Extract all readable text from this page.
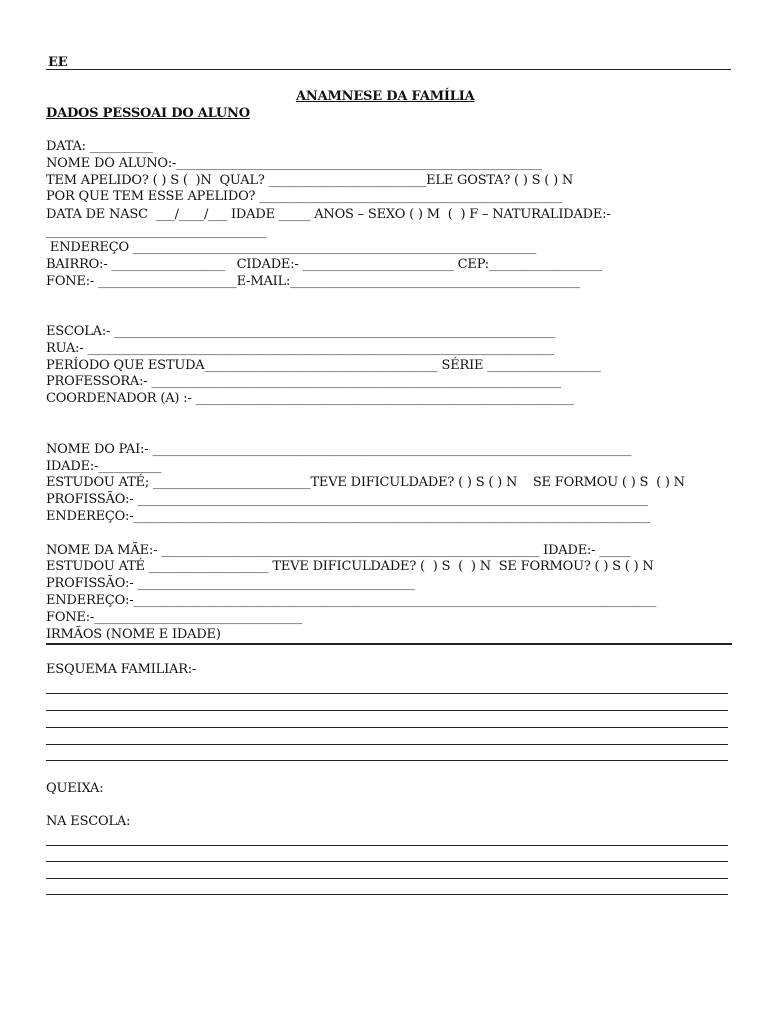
EE
ANAMNESE DA FAMÍLIA
DADOS PESSOAI DO ALUNO
DATA: __________
NOME DO ALUNO:-__________________________________________________________
TEM APELIDO? ( ) S (  )N  QUAL? _________________________ELE GOSTA? ( ) S ( ) N
POR QUE TEM ESSE APELIDO? ________________________________________________
DATA DE NASC  ___/____/___ IDADE _____ ANOS – SEXO ( ) M  (  ) F – NATURALIDADE:-
___________________________________
ENDEREÇO ________________________________________________________________
BAIRRO:- __________________   CIDADE:- ________________________ CEP:__________________
FONE:- ______________________E-MAIL:______________________________________________
ESCOLA:- ______________________________________________________________________
RUA:- __________________________________________________________________________
PERÍODO QUE ESTUDA_____________________________________ SÉRIE __________________
PROFESSORA:- _________________________________________________________________
COORDENADOR (A) :- ____________________________________________________________
NOME DO PAI:- ____________________________________________________________________________
IDADE:-__________
ESTUDOU ATÉ; _________________________TEVE DIFICULDADE? ( ) S ( ) N    SE FORMOU ( ) S  ( ) N
PROFISSÃO:- _________________________________________________________________________________
ENDEREÇO:-__________________________________________________________________________________
NOME DA MÃE:- ____________________________________________________________ IDADE:- _____
ESTUDOU ATÉ ___________________ TEVE DIFICULDADE? (  ) S  (  ) N  SE FORMOU? ( ) S ( ) N
PROFISSÃO:- ____________________________________________
ENDEREÇO:-___________________________________________________________________________________
FONE:-_________________________________
IRMÃOS (NOME E IDADE)
ESQUEMA FAMILIAR:-
QUEIXA:
NA ESCOLA:
